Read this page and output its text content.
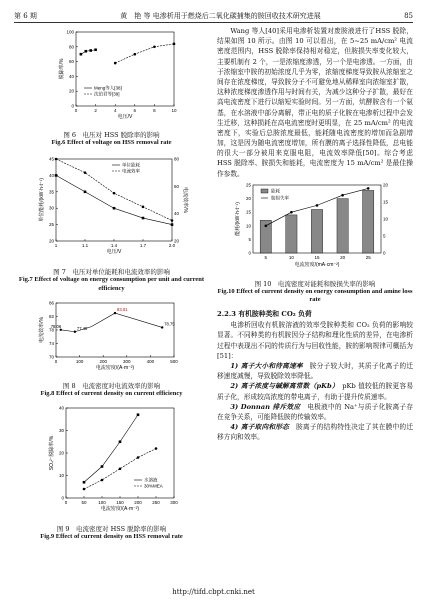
第 6 期	黄　艳 等 电渗析用于燃烧后二氧化碳捕集的胺回收技术研究进展	85
0	2	4	6	8	10
0
20
40
60
80
100
电压/V
脱除率/%
Meng等人[38]
沈伯君等[39]
图 6　电压对 HSS 脱除率的影响
Fig.6 Effect of voltage on HSS removal rate
1	1.1	1.4	1.7	2.0
20
25
30
35
40
45
20
40
60
80
电压/V
单位能耗/(kW·h·t⁻¹)	电流效率/%
单位能耗
电流效率
图 7　电压对单位能耗和电流效率的影响
Fig.7 Effect of voltage on energy consumption per unit and current efficiency
0	100	200	300	400	500
70
74
78
82
86
电流密度/(A·m⁻²)
电流效率/% 78.06	77.48
83.01
78.75
图 8　电流密度对电流效率的影响
Fig.8 Effect of current density on current efficiency
0	50	100 150 200 250 300
0
10
20
30
40
电流密度/(A·m⁻²)
SO₄²⁻脱除率/%
水溶液
30%MEA
图 9　电流密度对 HSS 脱除率的影响
Fig.9 Effect of current density on HSS removal rate

Wang 等人[40]采用电渗析装置对废胺液进行了HSS 脱除，结果如图 10 所示。由图 10 可以看出，在 5~25 mA/cm² 电流密度范围内，HSS 脱除率保持相对稳定，但胺损失率变化较大，主要机制有 2 个，一是浓缩度渗透，另一个是电渗透。一方面，由于浓缩室中胺的初始浓度几乎为零，浓缩度梯度导致胺从浓缩室之间存在浓度梯度，导致胺分子不可避免地从稀释室向浓缩室扩散，这种浓度梯度渗透作用与时间有关，为减少这种分子扩散，最好在高电流密度下进行以缩短实验时间。另一方面，炕酵胺含有一个氨基，在水溶液中部分离解，带正电的质子化胺在电渗析过程中会发生迁移，这种损耗在高电流密度时更明显，在 25 mA/cm² 的电流密度下，实验后总胺浓度最低，能耗随电流密度的增加而急剧增加，这是因为随电流密度增加，所有膜的离子选择性降低，总电能的很大一部分被用来克服电阻，电流效率降低[50]。综合考虑 HSS 脱除率、胺损失和能耗，电流密度为 15 mA/cm² 是最佳操作参数。

0
5
10
15
20
25
0
5
10
15
20
5	10	15	20	25
电流密度/(mA·cm⁻²)
能耗/(kW·h·t⁻¹)
能耗
胺损失率
图 10　电流密度对能耗和胺损失率的影响
Fig.10 Effect of current density on energy consumption and amine loss rate
2.2.3 有机胺种类和 CO₂ 负荷

电渗析回收有机胺溶液的效率受胺种类和 CO₂ 负荷的影响较显著。不同种类的有机胺因分子结构和理化性质的差异，在电渗析过程中表现出不同的传质行为与回收性能，胺的影响规律可概括为[51]：

1) 离子大小和待离速率　 胺分子较大时，其质子化离子的迁移速度减慢，导致脱除效率降低。

2) 离子浓度与碱解离常数（pKb）　 pKb 值较低的胺更容易质子化，形成较高浓度的带电离子，有助于提升传质速率。

3) Donnan 排斥效应　 电极液中的 Na⁺与质子化胺离子存在竞争关系，可能降低胺的传输效率。

4) 离子取向和形态　 胺离子的结构特性决定了其在膜中的迁移方向和效率。

http://tifd.cbpt.cnki.net
